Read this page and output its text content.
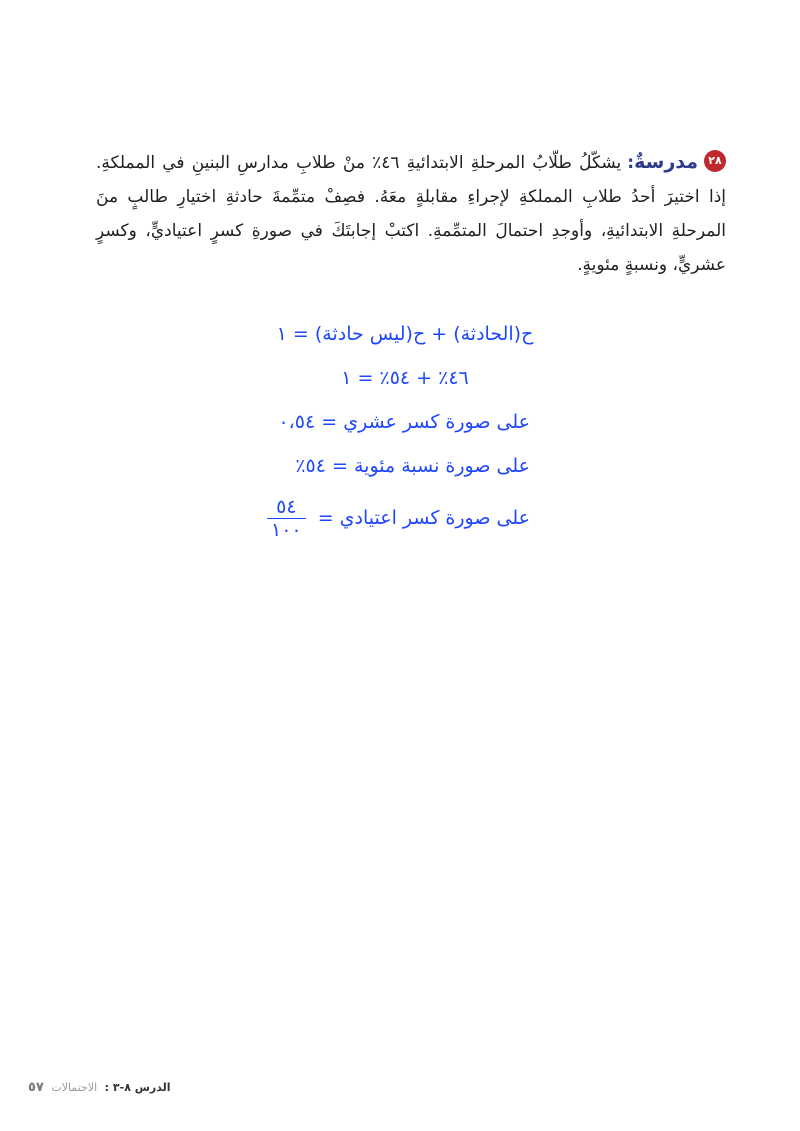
٢٨مدرسةٌ:يشكّلُ طلّابُ المرحلةِ الابتدائيةِ ٤٦٪ منْ طلابِ مدارسِ البنينِ في المملكةِ. إذا اختيرَ أحدُ طلابِ المملكةِ لإجراءِ مقابلةٍ معَهُ. فصِفْ متمِّمةَ حادثةِ اختيارِ طالبٍ منَ المرحلةِ الابتدائيةِ، وأوجدِ احتمالَ المتمِّمةِ. اكتبْ إجابتَكَ في صورةِ كسرٍ اعتياديٍّ، وكسرٍ عشريٍّ، ونسبةٍ مئويةٍ.
ح(الحادثة) + ح(ليس حادثة) = ١
٤٦٪ + ٥٤٪ = ١
على صورة كسر عشري = ٠،٥٤
على صورة نسبة مئوية = ٥٤٪
على صورة كسر اعتيادي =
$\frac{٥٤}{١٠٠}$
الدرس ٨-٣ : الاحتمالات ٥٧
